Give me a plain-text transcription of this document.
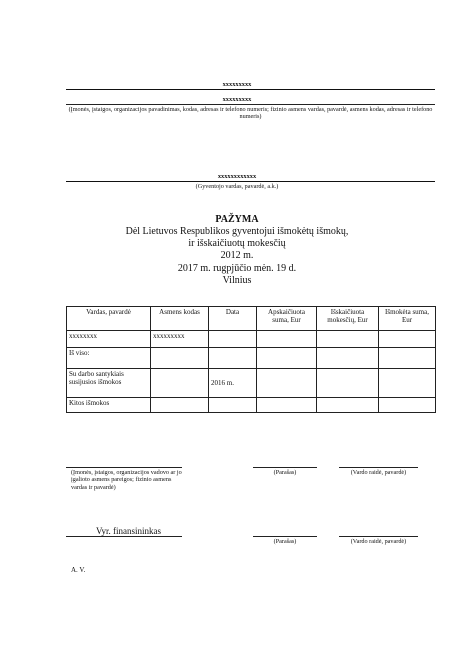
xxxxxxxxx
xxxxxxxxx
(Įmonės, įstaigos, organizacijos pavadinimas, kodas, adresas ir telefono numeris; fizinio asmens vardas, pavardė, asmens kodas, adresas ir telefono numeris)
xxxxxxxxxxxx
(Gyventojo vardas, pavardė, a.k.)
PAŽYMA
Dėl Lietuvos Respublikos gyventojui išmokėtų išmokų,
ir išskaičiuotų mokesčių
2012 m.
2017 m. rugpjūčio mėn. 19 d.
Vilnius
Vardas, pavardė	Asmens kodas	Data	Apskaičiuota suma, Eur	Išskaičiuota mokesčių, Eur	Išmokėta suma, Eur
xxxxxxxx	xxxxxxxxx				
Iš viso:					
Su darbo santykiais susijusios išmokos		2016 m.			
Kitos išmokos					
(Įmonės, įstaigos, organizacijos vadovo ar jo įgalioto asmens pareigos; fizinio asmens vardas ir pavardė)
(Parašas)	(Vardo raidė, pavardė)
Vyr. finansininkas
(Parašas)	(Vardo raidė, pavardė)
A. V.
